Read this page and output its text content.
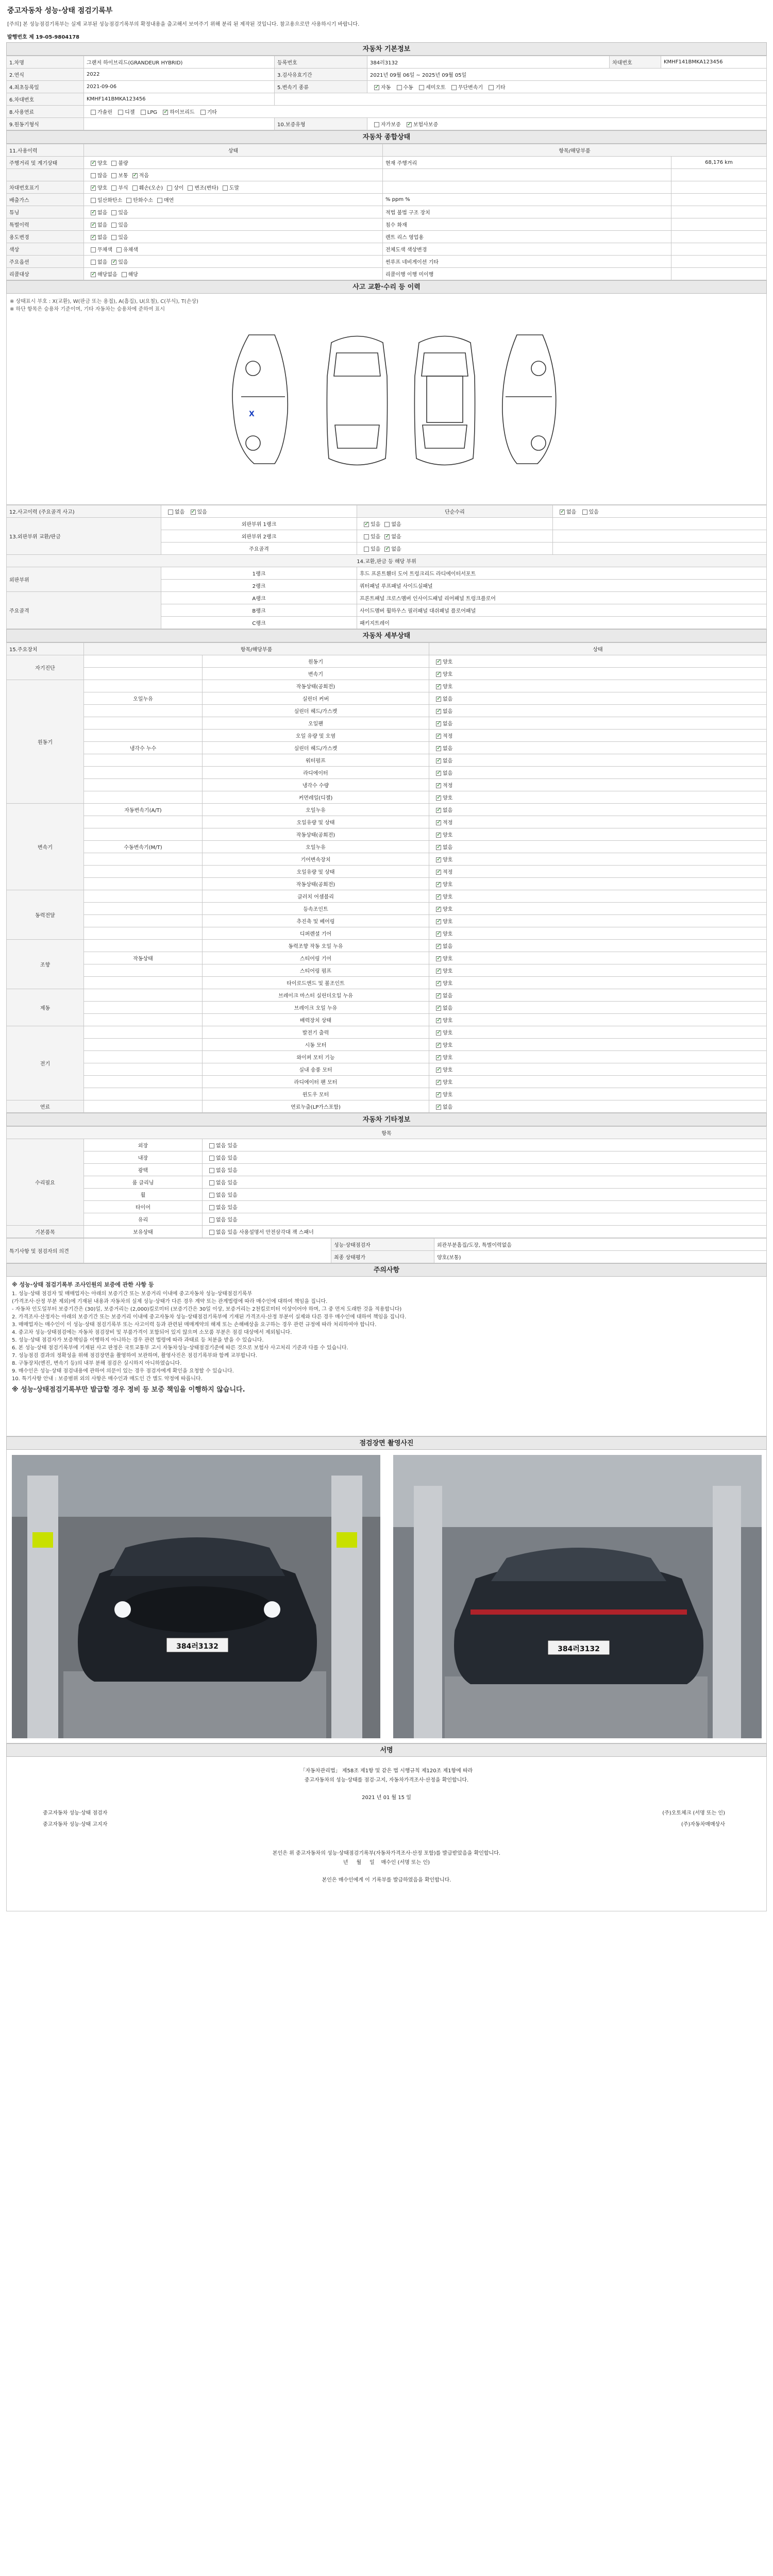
중고자동차 성능·상태 점검기록부
[주의] 본 성능점검기록부는 실제 교부된 성능점검기록부의 확정내용을 출고해서 보여주기 위해 분리 된 제작된 것입니다. 참고용으로만 사용하시기 바랍니다.
발행번호 제 19-05-9804178
자동차 기본정보
1.차명	그랜저 하이브리드(GRANDEUR HYBRID)	등록번호	384러3132	차대번호	KMHF141BMKA123456
2.연식	2022	3.검사유효기간	2021년 09월 06일 ~ 2025년 09월 05일		
4.최초등록일	2021-09-06	5.변속기 종류	✓자동 수동 세미오토 무단변속기 기타
6.차대번호	KMHF141BMKA123456				
8.사용연료	가솔린 디젤 LPG ✓ 하이브리드 기타
9.원동기형식		10.보증유형	자가보증 ✓ 보험사보증
자동차 종합상태
11.사용이력	상태	항목/해당부품	
주행거리 및 계기상태	✓양호 불량	현재 주행거리	68,176 km
	많음 보통 ✓ 적음		
차대번호표기	✓양호 부식 훼손(오손) 상이 변조(변타) 도말		
배출가스	일산화탄소 탄화수소 매연	% ppm %	
튜닝	✓없음 있음	적법 불법 구조 장치	
특별이력	✓없음 있음	침수 화재	
용도변경	✓없음 있음	렌트 리스 영업용	
색상	무채색 유채색	전체도색 색상변경	
주요옵션	없음 ✓ 있음	썬루프 네비게이션 기타	
리콜대상	✓해당없음 해당	리콜이행 이행 미이행	
사고 교환·수리 등 이력
※ 상태표시 부호 : X(교환), W(판금 또는 용접), A(흠집), U(요철), C(부식), T(손상)
※ 하단 항목은 승용차 기준이며, 기타 자동차는 승용차에 준하여 표시
X
12.사고이력 (주요골격 사고)	없음 ✓ 있음	단순수리	✓없음 있음
13.외판부위 교환/판금	외판부위 1랭크	✓있음 없음	
	외판부위 2랭크	있음 ✓ 없음	
	주요골격	있음 ✓ 없음	
14.교환,판금 등 해당 부위			
외판부위	1랭크	후드 프론트휀더 도어 트렁크리드 라디에이터서포트	
	2랭크	쿼터패널 루프패널 사이드실패널	
주요골격	A랭크	프론트패널 크로스멤버 인사이드패널 리어패널 트렁크플로어	
	B랭크	사이드멤버 휠하우스 필러패널 대쉬패널 플로어패널	
	C랭크	패키지트레이	
자동차 세부상태
15.주요장치	항목/해당부품		상태
자기진단		원동기	✓양호
		변속기	✓양호
원동기		작동상태(공회전)	✓양호
	오일누유	실린더 커버	✓없음
		실린더 헤드/가스켓	✓없음
		오일팬	✓없음
		오일 유량 및 오염	✓적정
	냉각수 누수	실린더 헤드/가스켓	✓없음
		워터펌프	✓없음
		라디에이터	✓없음
		냉각수 수량	✓적정
		커먼레일(디젤)	✓양호
변속기	자동변속기(A/T)	오일누유	✓없음
		오일유량 및 상태	✓적정
		작동상태(공회전)	✓양호
	수동변속기(M/T)	오일누유	✓없음
		기어변속장치	✓양호
		오일유량 및 상태	✓적정
		작동상태(공회전)	✓양호
동력전달		클러치 어셈블리	✓양호
		등속조인트	✓양호
		추진축 및 베어링	✓양호
		디퍼렌셜 기어	✓양호
조향		동력조향 작동 오일 누유	✓없음
	작동상태	스티어링 기어	✓양호
		스티어링 펌프	✓양호
		타이로드엔드 및 볼조인트	✓양호
제동		브레이크 마스터 실린더오일 누유	✓없음
		브레이크 오일 누유	✓없음
		배력장치 상태	✓양호
전기		발전기 출력	✓양호
		시동 모터	✓양호
		와이퍼 모터 기능	✓양호
		실내 송풍 모터	✓양호
		라디에이터 팬 모터	✓양호
		윈도우 모터	✓양호
연료		연료누출(LP가스포함)	✓없음
자동차 기타정보
항목		
수리필요	외장	없음 있음
	내장	없음 있음
	광택	없음 있음
	룸 클리닝	없음 있음
	휠	없음 있음
	타이어	없음 있음
	유리	없음 있음
기본품목	보유상태	없음 있음 사용설명서 안전삼각대 잭 스패너
특기사항 및 점검자의 의견		성능·상태점검자	외관부분흠집/도장, 특별이력없음
		최종 상태평가	양호(보통)
주의사항
※ 성능·상태 점검기록부 조사인원의 보증에 관한 사항 등
1. 성능·상태 점검자 및 매매업자는 아래의 보증기간 또는 보증거리 이내에 중고자동차 성능·상태점검기록부
(가격조사·산정 부분 제외)에 기재된 내용과 자동차의 실제 성능·상태가 다른 경우 계약 또는 관계법령에 따라 매수인에 대하여 책임을 집니다.
- 자동차 인도일부터 보증기간은 (30)일, 보증거리는 (2,000)킬로미터 (보증기간은 30일 이상, 보증거리는 2천킬로미터 이상이어야 하며, 그 중 먼저 도래한 것을 적용합니다)
2. 가격조사·산정자는 아래의 보증기간 또는 보증거리 이내에 중고자동차 성능·상태점검기록부에 기재된 가격조사·산정 부분이 실제와 다른 경우 매수인에 대하여 책임을 집니다.
3. 매매업자는 매수인이 이 성능·상태 점검기록부 또는 사고이력 등과 관련된 매매계약의 해제 또는 손해배상을 요구하는 경우 관련 규정에 따라 처리하여야 합니다.
4. 중고차 성능·상태점검에는 자동차 점검장비 및 부품가격이 포함되어 있지 않으며 소모품 부분은 점검 대상에서 제외됩니다.
5. 성능·상태 점검자가 보증책임을 이행하지 아니하는 경우 관련 법령에 따라 과태료 등 처분을 받을 수 있습니다.
6. 본 성능·상태 점검기록부에 기재된 사고 판정은 국토교통부 고시 자동차성능·상태점검기준에 따른 것으로 보험사 사고처리 기준과 다를 수 있습니다.
7. 성능점검 결과의 정확성을 위해 점검장면을 촬영하여 보관하며, 촬영사진은 점검기록부와 함께 교부합니다.
8. 구동장치(엔진, 변속기 등)의 내부 분해 점검은 실시하지 아니하였습니다.
9. 매수인은 성능·상태 점검내용에 관하여 의문이 있는 경우 점검자에게 확인을 요청할 수 있습니다.
10. 특기사항 안내 : 보증범위 외의 사항은 매수인과 매도인 간 별도 약정에 따릅니다.
※ 성능·상태점검기록부만 발급할 경우 정비 등 보증 책임을 이행하지 않습니다.
점검장면 촬영사진
384러3132	384러3132
서명
「자동차관리법」 제58조 제1항 및 같은 법 시행규칙 제120조 제1항에 따라
중고자동차의 성능·상태를 점검·고지, 자동차가격조사·산정을 확인합니다.
2021 년 01 월 15 일
중고자동차 성능·상태 점검자	(주)오토체크 (서명 또는 인)
중고자동차 성능·상태 고지자	(주)자동차매매상사
본인은 위 중고자동차의 성능·상태점검기록부(자동차가격조사·산정 포함)를 발급받았음을 확인합니다.
년 월 일 매수인 (서명 또는 인)
본인은 매수인에게 이 기록부를 발급하였음을 확인합니다.
